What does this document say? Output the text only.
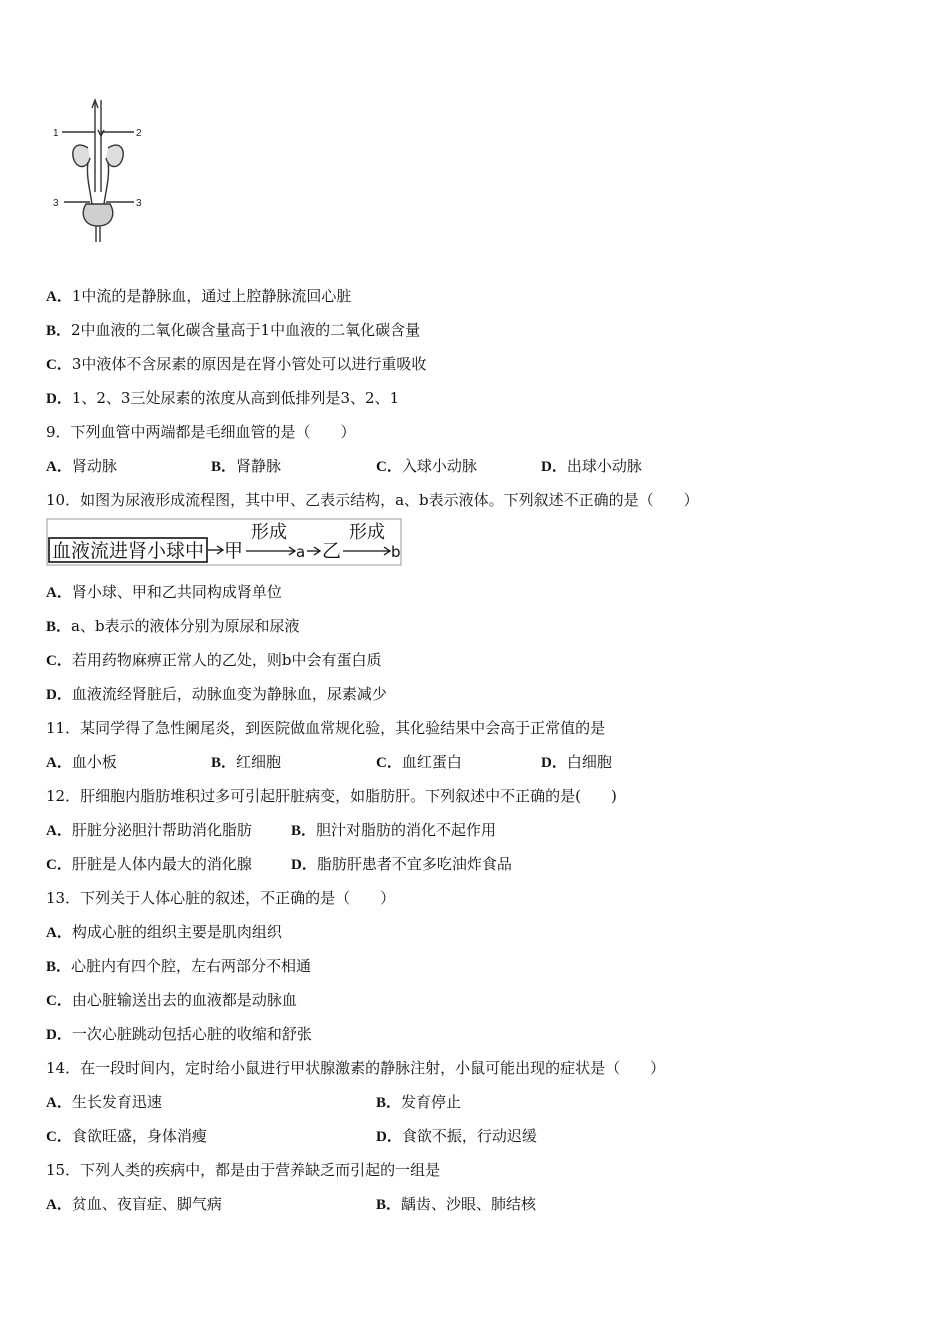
1	2
3	3
A．1中流的是静脉血，通过上腔静脉流回心脏
B．2中血液的二氧化碳含量高于1中血液的二氧化碳含量
C．3中液体不含尿素的原因是在肾小管处可以进行重吸收
D．1、2、3三处尿素的浓度从高到低排列是3、2、1
9．下列血管中两端都是毛细血管的是（　　）
A．肾动脉	B．肾静脉	C．入球小动脉	D．出球小动脉
10．如图为尿液形成流程图，其中甲、乙表示结构，a、b表示液体。下列叙述不正确的是（　　）
血液流进肾小球中 甲
形成
a 乙
形成
b
A．肾小球、甲和乙共同构成肾单位
B．a、b表示的液体分别为原尿和尿液
C．若用药物麻痹正常人的乙处，则b中会有蛋白质
D．血液流经肾脏后，动脉血变为静脉血，尿素减少
11．某同学得了急性阑尾炎，到医院做血常规化验，其化验结果中会高于正常值的是
A．血小板	B．红细胞	C．血红蛋白	D．白细胞
12．肝细胞内脂肪堆积过多可引起肝脏病变，如脂肪肝。下列叙述中不正确的是(　　)
A．肝脏分泌胆汁帮助消化脂肪	B．胆汁对脂肪的消化不起作用
C．肝脏是人体内最大的消化腺	D．脂肪肝患者不宜多吃油炸食品
13．下列关于人体心脏的叙述，不正确的是（　　）
A．构成心脏的组织主要是肌肉组织
B．心脏内有四个腔，左右两部分不相通
C．由心脏输送出去的血液都是动脉血
D．一次心脏跳动包括心脏的收缩和舒张
14．在一段时间内，定时给小鼠进行甲状腺激素的静脉注射，小鼠可能出现的症状是（　　）
A．生长发育迅速	B．发育停止
C．食欲旺盛，身体消瘦	D．食欲不振，行动迟缓
15．下列人类的疾病中，都是由于营养缺乏而引起的一组是
A．贫血、夜盲症、脚气病	B．龋齿、沙眼、肺结核
